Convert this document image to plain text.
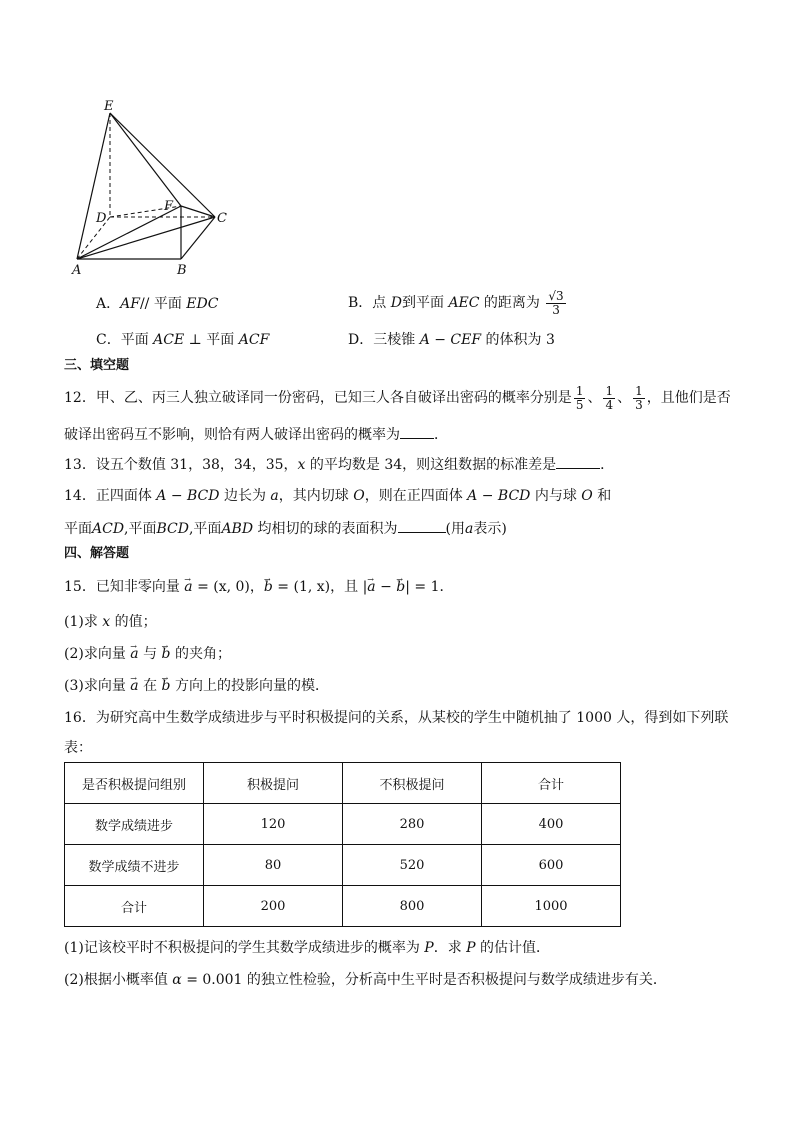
E
D
F
C
A	B
A．AF// 平面 EDC	B．点 D到平面 AEC 的距离为 $\frac{√3}{3}$
C．平面 ACE ⊥ 平面 ACF	D．三棱锥 A − CEF 的体积为 3
三、填空题
12．甲、乙、丙三人独立破译同一份密码，已知三人各自破译出密码的概率分别是 $\frac{1}{5}$ 、 $\frac{1}{4}$ 、 $\frac{1}{3}$ ，且他们是否
破译出密码互不影响，则恰有两人破译出密码的概率为 ．
13．设五个数值 31，38，34，35，x 的平均数是 34，则这组数据的标准差是	．
14．正四面体 A − BCD 边长为 a，其内切球 O，则在正四面体 A − BCD 内与球 O 和
平面ACD,平面BCD,平面ABD 均相切的球的表面积为	(用a表示)
四、解答题
15．已知非零向量 → a = (x, 0)，→ b = (1, x)，且 |→ a − → b| = 1．
(1)求 x 的值；
(2)求向量 → a 与 → b 的夹角；
(3)求向量 → a 在 → b 方向上的投影向量的模．
16．为研究高中生数学成绩进步与平时积极提问的关系，从某校的学生中随机抽了 1000 人，得到如下列联
表：
是否积极提问组别	积极提问	不积极提问	合计
数学成绩进步	120	280	400
数学成绩不进步	80	520	600
合计	200	800	1000
(1)记该校平时不积极提问的学生其数学成绩进步的概率为 P．求 P 的估计值．
(2)根据小概率值 α = 0.001 的独立性检验，分析高中生平时是否积极提问与数学成绩进步有关．
